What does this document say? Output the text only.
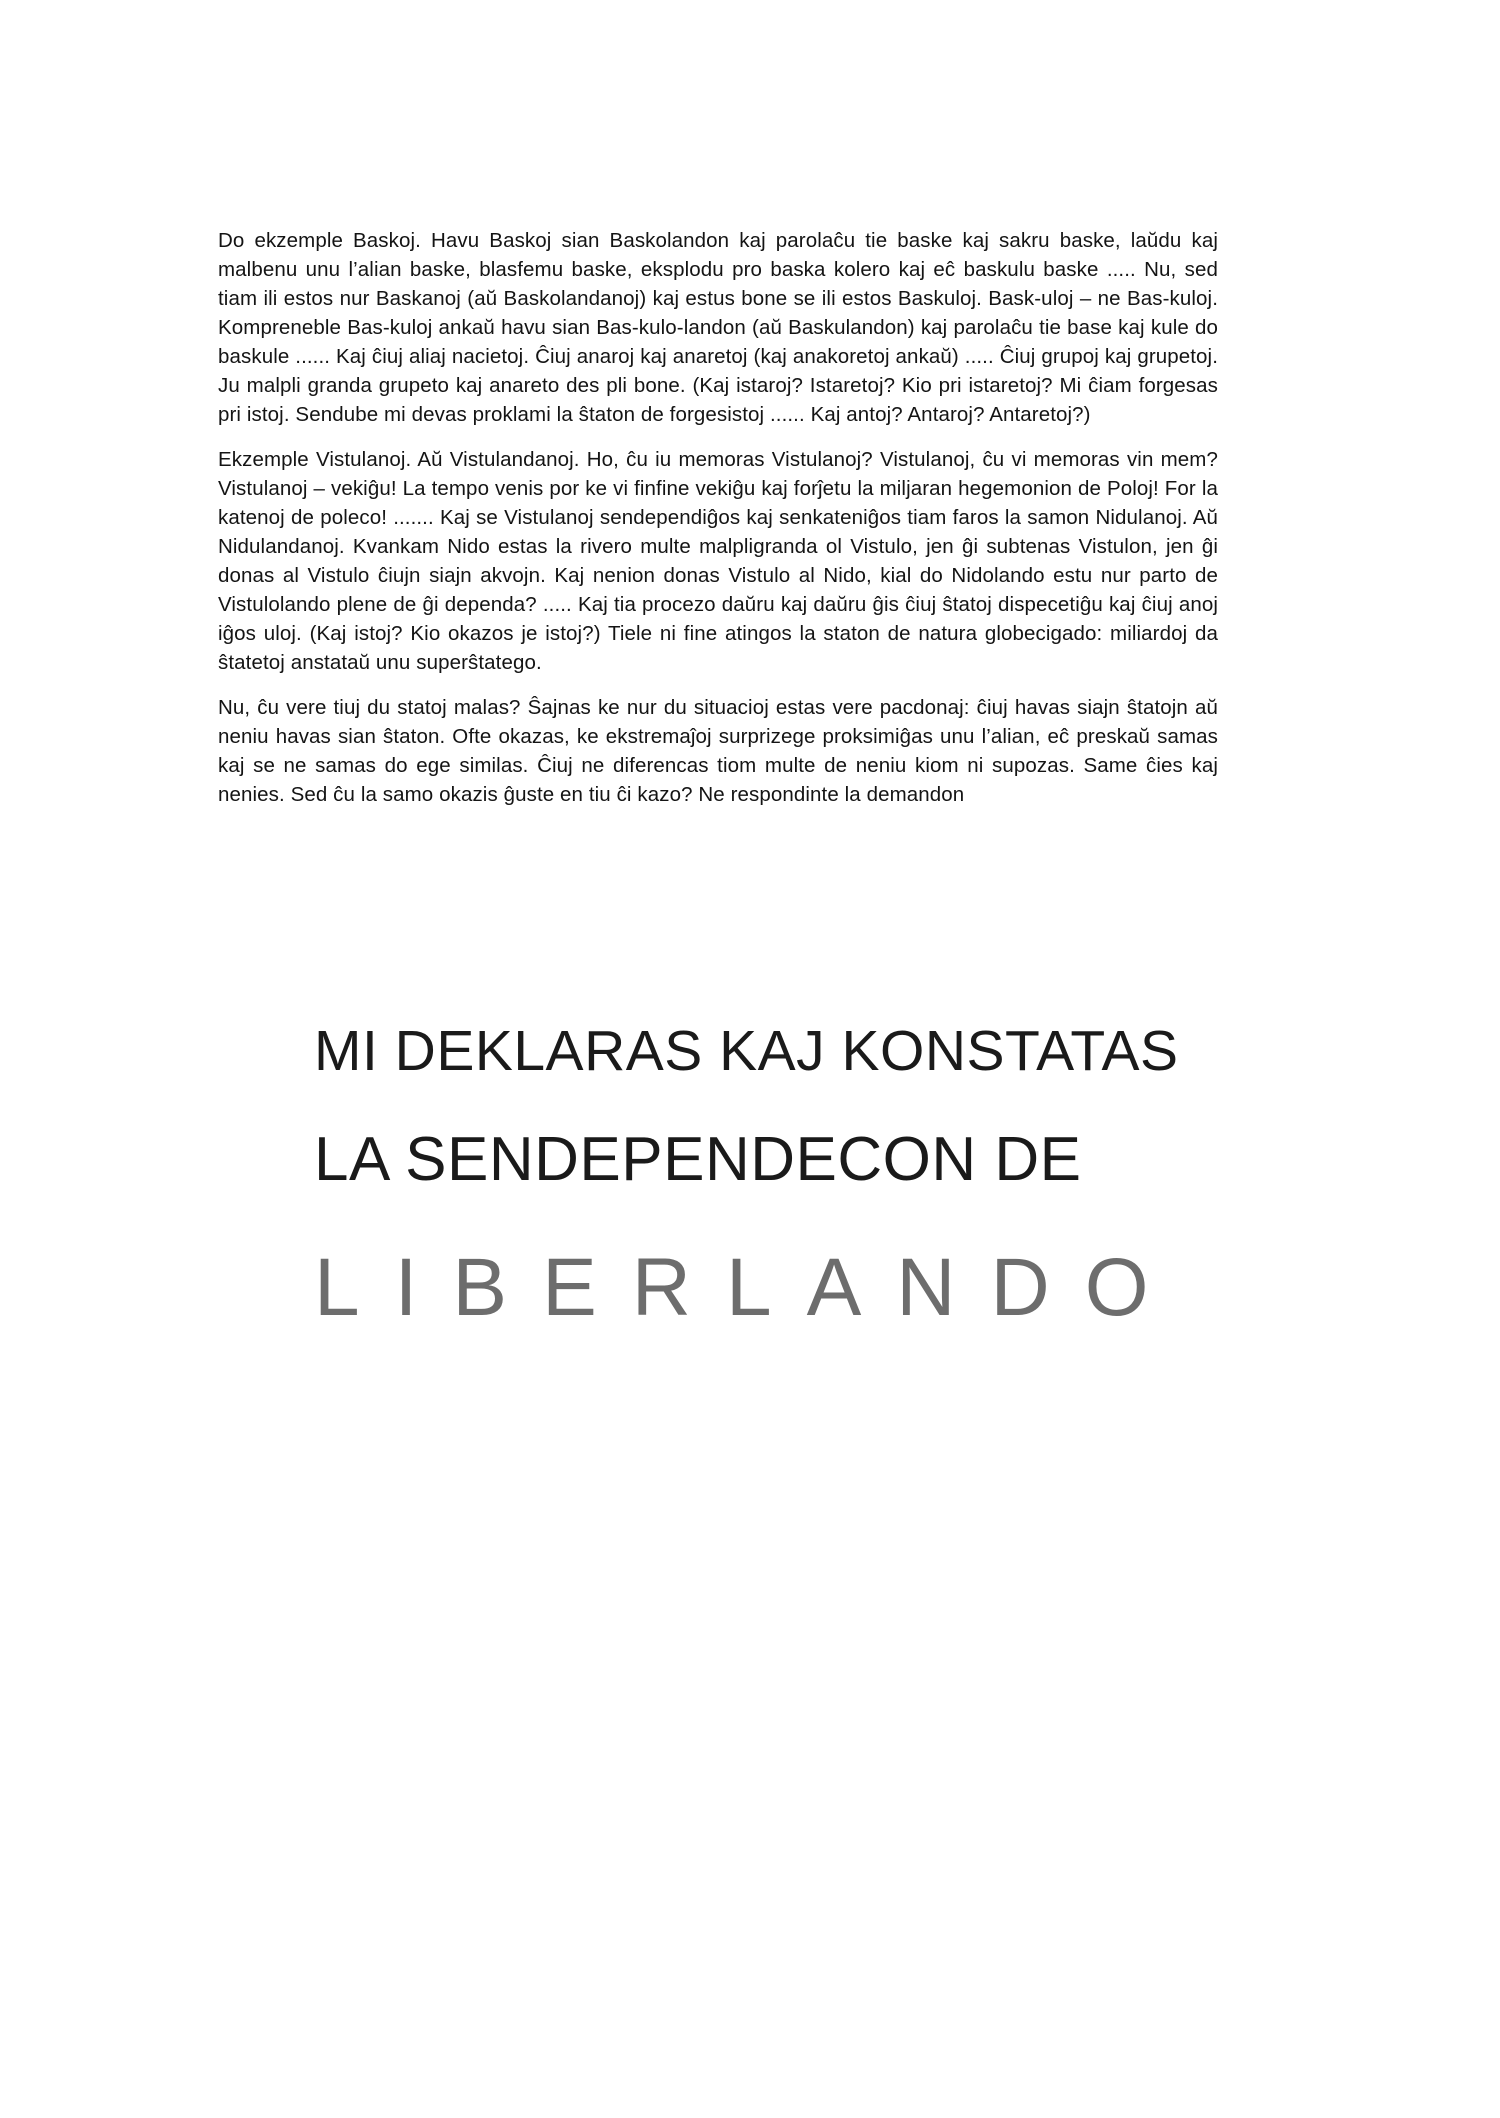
Do ekzemple Baskoj. Havu Baskoj sian Baskolandon kaj parolaĉu tie baske kaj sakru baske, laŭdu kaj malbenu unu l’alian baske, blasfemu baske, eksplodu pro baska kolero kaj eĉ baskulu baske ..... Nu, sed tiam ili estos nur Baskanoj (aŭ Baskolandanoj) kaj estus bone se ili estos Baskuloj. Bask-uloj – ne Bas-kuloj. Kompreneble Bas-kuloj ankaŭ havu sian Bas-kulo-landon (aŭ Baskulandon) kaj parolaĉu tie base kaj kule do baskule ...... Kaj ĉiuj aliaj nacietoj. Ĉiuj anaroj kaj anaretoj (kaj anakoretoj ankaŭ) ..... Ĉiuj grupoj kaj grupetoj. Ju malpli granda grupeto kaj anareto des pli bone. (Kaj istaroj? Istaretoj? Kio pri istaretoj? Mi ĉiam forgesas pri istoj. Sendube mi devas proklami la ŝtaton de forgesistoj ...... Kaj antoj? Antaroj? Antaretoj?)

Ekzemple Vistulanoj. Aŭ Vistulandanoj. Ho, ĉu iu memoras Vistulanoj? Vistulanoj, ĉu vi memoras vin mem? Vistulanoj – vekiĝu! La tempo venis por ke vi finfine vekiĝu kaj forĵetu la miljaran hegemonion de Poloj! For la katenoj de poleco! ....... Kaj se Vistulanoj sendependiĝos kaj senkateniĝos tiam faros la samon Nidulanoj. Aŭ Nidulandanoj. Kvankam Nido estas la rivero multe malpligranda ol Vistulo, jen ĝi subtenas Vistulon, jen ĝi donas al Vistulo ĉiujn siajn akvojn. Kaj nenion donas Vistulo al Nido, kial do Nidolando estu nur parto de Vistulolando plene de ĝi dependa? ..... Kaj tia procezo daŭru kaj daŭru ĝis ĉiuj ŝtatoj dispecetiĝu kaj ĉiuj anoj iĝos uloj. (Kaj istoj? Kio okazos je istoj?) Tiele ni fine atingos la staton de natura globecigado: miliardoj da ŝtatetoj anstataŭ unu superŝtatego.

Nu, ĉu vere tiuj du statoj malas? Ŝajnas ke nur du situacioj estas vere pacdonaj: ĉiuj havas siajn ŝtatojn aŭ neniu havas sian ŝtaton. Ofte okazas, ke ekstremaĵoj surprizege proksimiĝas unu l’alian, eĉ preskaŭ samas kaj se ne samas do ege similas. Ĉiuj ne diferencas tiom multe de neniu kiom ni supozas. Same ĉies kaj nenies. Sed ĉu la samo okazis ĝuste en tiu ĉi kazo? Ne respondinte la demandon

MI DEKLARAS KAJ KONSTATAS
LA SENDEPENDECON DE
LIBERLANDO
